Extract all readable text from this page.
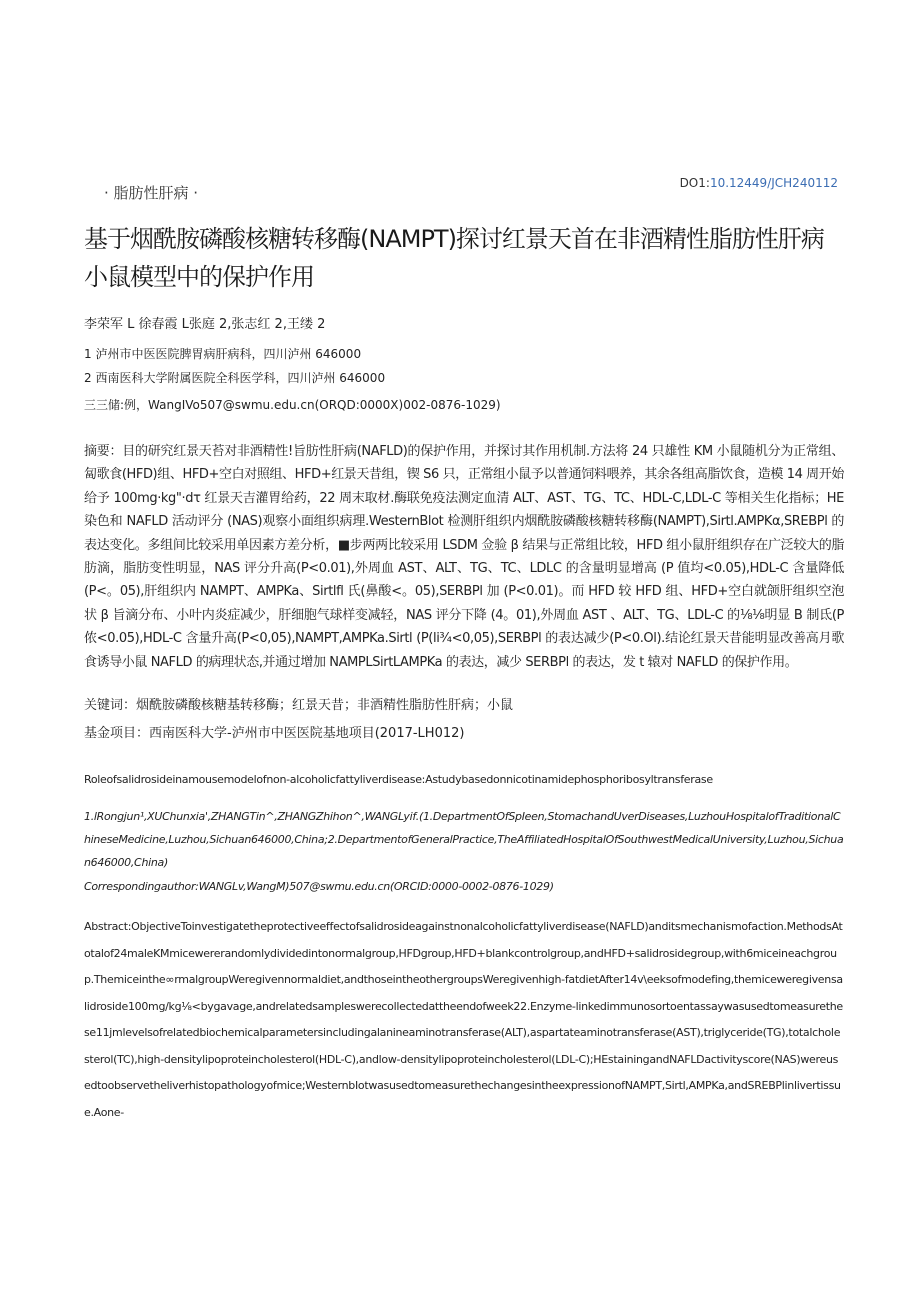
· 脂肪性肝病 ·
DO1:10.12449/JCH240112
基于烟酰胺磷酸核糖转移酶(NAMPT)探讨红景天首在非酒精性脂肪性肝病小鼠模型中的保护作用
李荣军 L 徐春霞 L张庭 2,张志红 2,王缕 2
1 泸州市中医医院脾胃病肝病科，四川泸州 646000
2 西南医科大学附属医院全科医学科，四川泸州 646000
三三储:例，WangIVo507@swmu.edu.cn(ORQD:0000X)002-0876-1029)

摘要：目的研究红景天苔对非酒精性!旨肪性肝病(NAFLD)的保护作用，并探讨其作用机制.方法将 24 只雄性 KM 小鼠随机分为正常组、匐歌食(HFD)组、HFD+空白对照组、HFD+红景天昔组，锲 S6 只，正常组小鼠予以普通饲料喂养，其余各组高脂饮食，造模 14 周开始给予 100mg·kg"·dτ 红景天吉灌胃给药，22 周末取材.酶联免疫法测定血清 ALT、AST、TG、TC、HDL-C,LDL-C 等相关生化指标；HE 染色和 NAFLD 活动评分 (NAS)观察小面组织病理.WesternBlot 检测肝组织内烟酰胺磷酸核糖转移酶(NAMPT),Sirtl.AMPKα,SREBPl 的表达变化。多组间比较采用单因素方差分析，■步两两比较采用 LSDM 佥验 β 结果与正常组比较，HFD 组小鼠肝组织存在广泛较大的脂肪滴，脂肪变性明显，NAS 评分升高(P<0.01),外周血 AST、ALT、TG、TC、LDLC 的含量明显增高 (P 值均<0.05),HDL-C 含量降低(P<。05),肝组织内 NAMPT、AMPKa、Sirtlfl 氏(鼻酸<。05),SERBPl 加 (P<0.01)。而 HFD 较 HFD 组、HFD+空白就颌肝组织空泡状 β 旨滴分布、小叶内炎症减少，肝细胞气球样变减轻，NAS 评分下降 (4。01),外周血 AST 、ALT、TG、LDL-C 的⅛⅛明显 B 制氐(P 侬<0.05),HDL-C 含量升高(P<0,05),NAMPT,AMPKa.Sirtl (P(li¾<0,05),SERBPl 的表达减少(P<0.Ol).结论红景天昔能明显改善高月歌食诱导小鼠 NAFLD 的病理状态,并通过增加 NAMPLSirtLAMPKa 的表达，减少 SERBPl 的表达，发 t 辕对 NAFLD 的保护作用。

关键词：烟酰胺磷酸核糖基转移酶；红景天昔；非酒精性脂肪性肝病；小鼠
基金项目：西南医科大学-泸州市中医医院基地项目(2017-LH012)
Roleofsalidrosideinamousemodelofnon-alcoholicfattyliverdisease:Astudybasedonnicotinamidephosphoribosyltransferase

1.lRongjun¹,XUChunxia',ZHANGTin^,ZHANGZhihon^,WANGLyif.(1.DepartmentOfSpIeen,StomachandUverDiseases,LuzhouHospitalofTraditionalChineseMedicine,Luzhou,Sichuan646000,China;2.DepartmentofGeneralPractice,TheAffiliatedHospitalOfSouthwestMedicalUniversity,Luzhou,Sichuan646000,China)

Correspondingauthor:WANGLv,WangM)507@swmu.edu.cn(ORCID:0000-0002-0876-1029)

Abstract:ObjectiveToinvestigatetheprotectiveeffectofsalidrosideagainstnonalcoholicfattyliverdisease(NAFLD)anditsmechanismofaction.MethodsAtotalof24maleKMmicewererandomlydividedintonormalgroup,HFDgroup,HFD+blankcontrolgroup,andHFD+salidrosidegroup,with6miceineachgroup.Themiceinthe∞rmalgroupWeregivennormaldiet,andthoseintheothergroupsWeregivenhigh-fatdietAfter14v\eeksofmodefing,themiceweregivensalidroside100mg∕kg⅛<bygavage,andrelatedsampleswerecollectedattheendofweek22.Enzyme-linkedimmunosortoentassaywasusedtomeasurethese11jmlevelsofrelatedbiochemicalparametersincludingalanineaminotransferase(ALT),aspartateaminotransferase(AST),triglyceride(TG),totalcholesterol(TC),high-densitylipoproteincholesterol(HDL-C),andlow-densitylipoproteincholesterol(LDL-C);HEstainingandNAFLDactivityscore(NAS)wereusedtoobservetheliverhistopathologyofmice;WesternbIotwasusedtomeasurethechangesintheexpressionofNAMPT,Sirtl,AMPKa,andSREBPlinlivertissue.Aone-
